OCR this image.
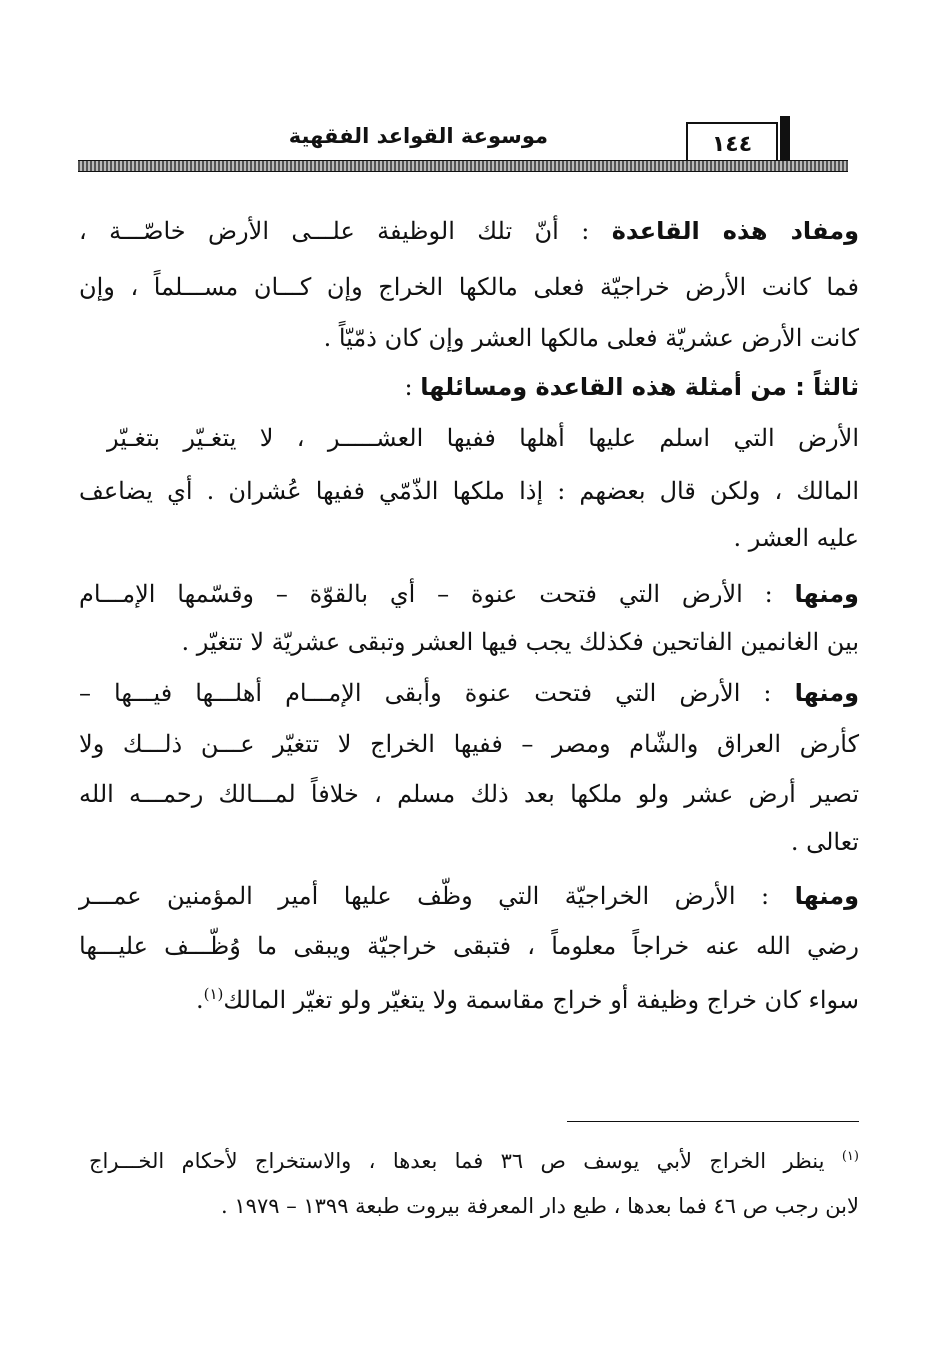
١٤٤
موسوعة القواعد الفقهية
ومفاد هذه القاعدة : أنّ تلك الوظيفة علـــى الأرض خاصّـــة ،
فما كانت الأرض خراجيّة فعلى مالكها الخراج وإن كـــان مســـلماً ، وإن
كانت الأرض عشريّة فعلى مالكها العشر وإن كان ذمّيّاً .
ثالثاً : من أمثلة هذه القاعدة ومسائلها :
الأرض التي اسلم عليها أهلها ففيها العشـــــر ، لا يتغـيّر بتغـيّر
المالك ، ولكن قال بعضهم : إذا ملكها الذّمّي ففيها عُشران . أي يضاعف
عليه العشر .
ومنها : الأرض التي فتحت عنوة – أي بالقوّة – وقسّمها الإمـــام
بين الغانمين الفاتحين فكذلك يجب فيها العشر وتبقى عشريّة لا تتغيّر .
ومنها : الأرض التي فتحت عنوة وأبقى الإمـــام أهلـــها فيـــها –
كأرض العراق والشّام ومصر – ففيها الخراج لا تتغيّر عـــن ذلـــك ولا
تصير أرض عشر ولو ملكها بعد ذلك مسلم ، خلافاً لمـــالك رحمـــه الله
تعالى .
ومنها : الأرض الخراجيّة التي وظّف عليها أمير المؤمنين عمـــر
رضي الله عنه خراجاً معلوماً ، فتبقى خراجيّة ويبقى ما وُظّـــف عليـــها
سواء كان خراج وظيفة أو خراج مقاسمة ولا يتغيّر ولو تغيّر المالك$^{(١)}$.
$^{(١)}$ ينظر الخراج لأبي يوسف ص ٣٦ فما بعدها ، والاستخراج لأحكام الخـــراج
لابن رجب ص ٤٦ فما بعدها ، طبع دار المعرفة بيروت طبعة ١٣٩٩ – ١٩٧٩ .
